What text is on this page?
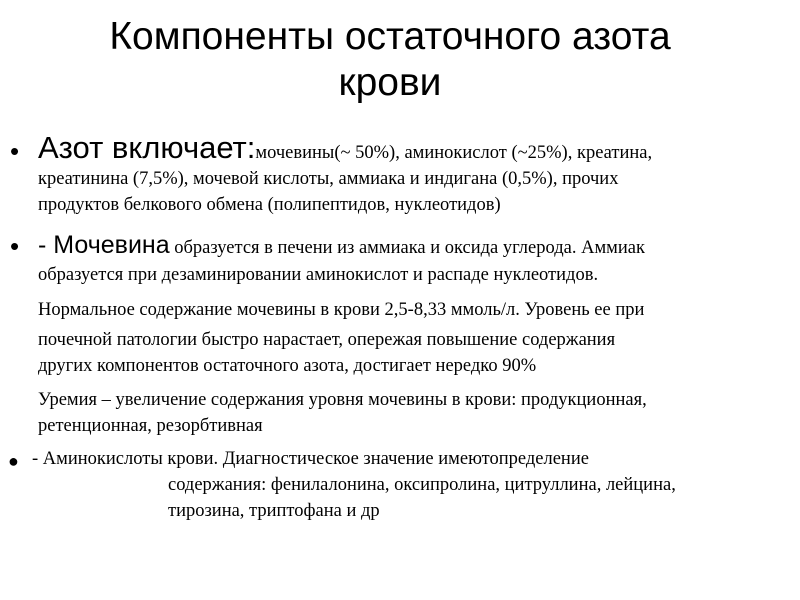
Компоненты остаточного азота
крови
• Азот включает:мочевины(~ 50%), аминокислот (~25%), креатина,
креатинина (7,5%), мочевой кислоты, аммиака и индигана (0,5%), прочих
продуктов белкового обмена (полипептидов, нуклеотидов)
• - Мочевина образуется в печени из аммиака и оксида углерода. Аммиак
образуется при дезаминировании аминокислот и распаде нуклеотидов.
Нормальное содержание мочевины в крови 2,5-8,33 ммоль/л. Уровень ее при
почечной патологии быстро нарастает, опережая повышение содержания
других компонентов остаточного азота, достигает нередко 90%
Уремия – увеличение содержания уровня мочевины в крови: продукционная,
ретенционная, резорбтивная
● - Аминокислоты крови. Диагностическое значение имеютопределение
содержания: фенилалонина, оксипролина, цитруллина, лейцина,
тирозина, триптофана и др
